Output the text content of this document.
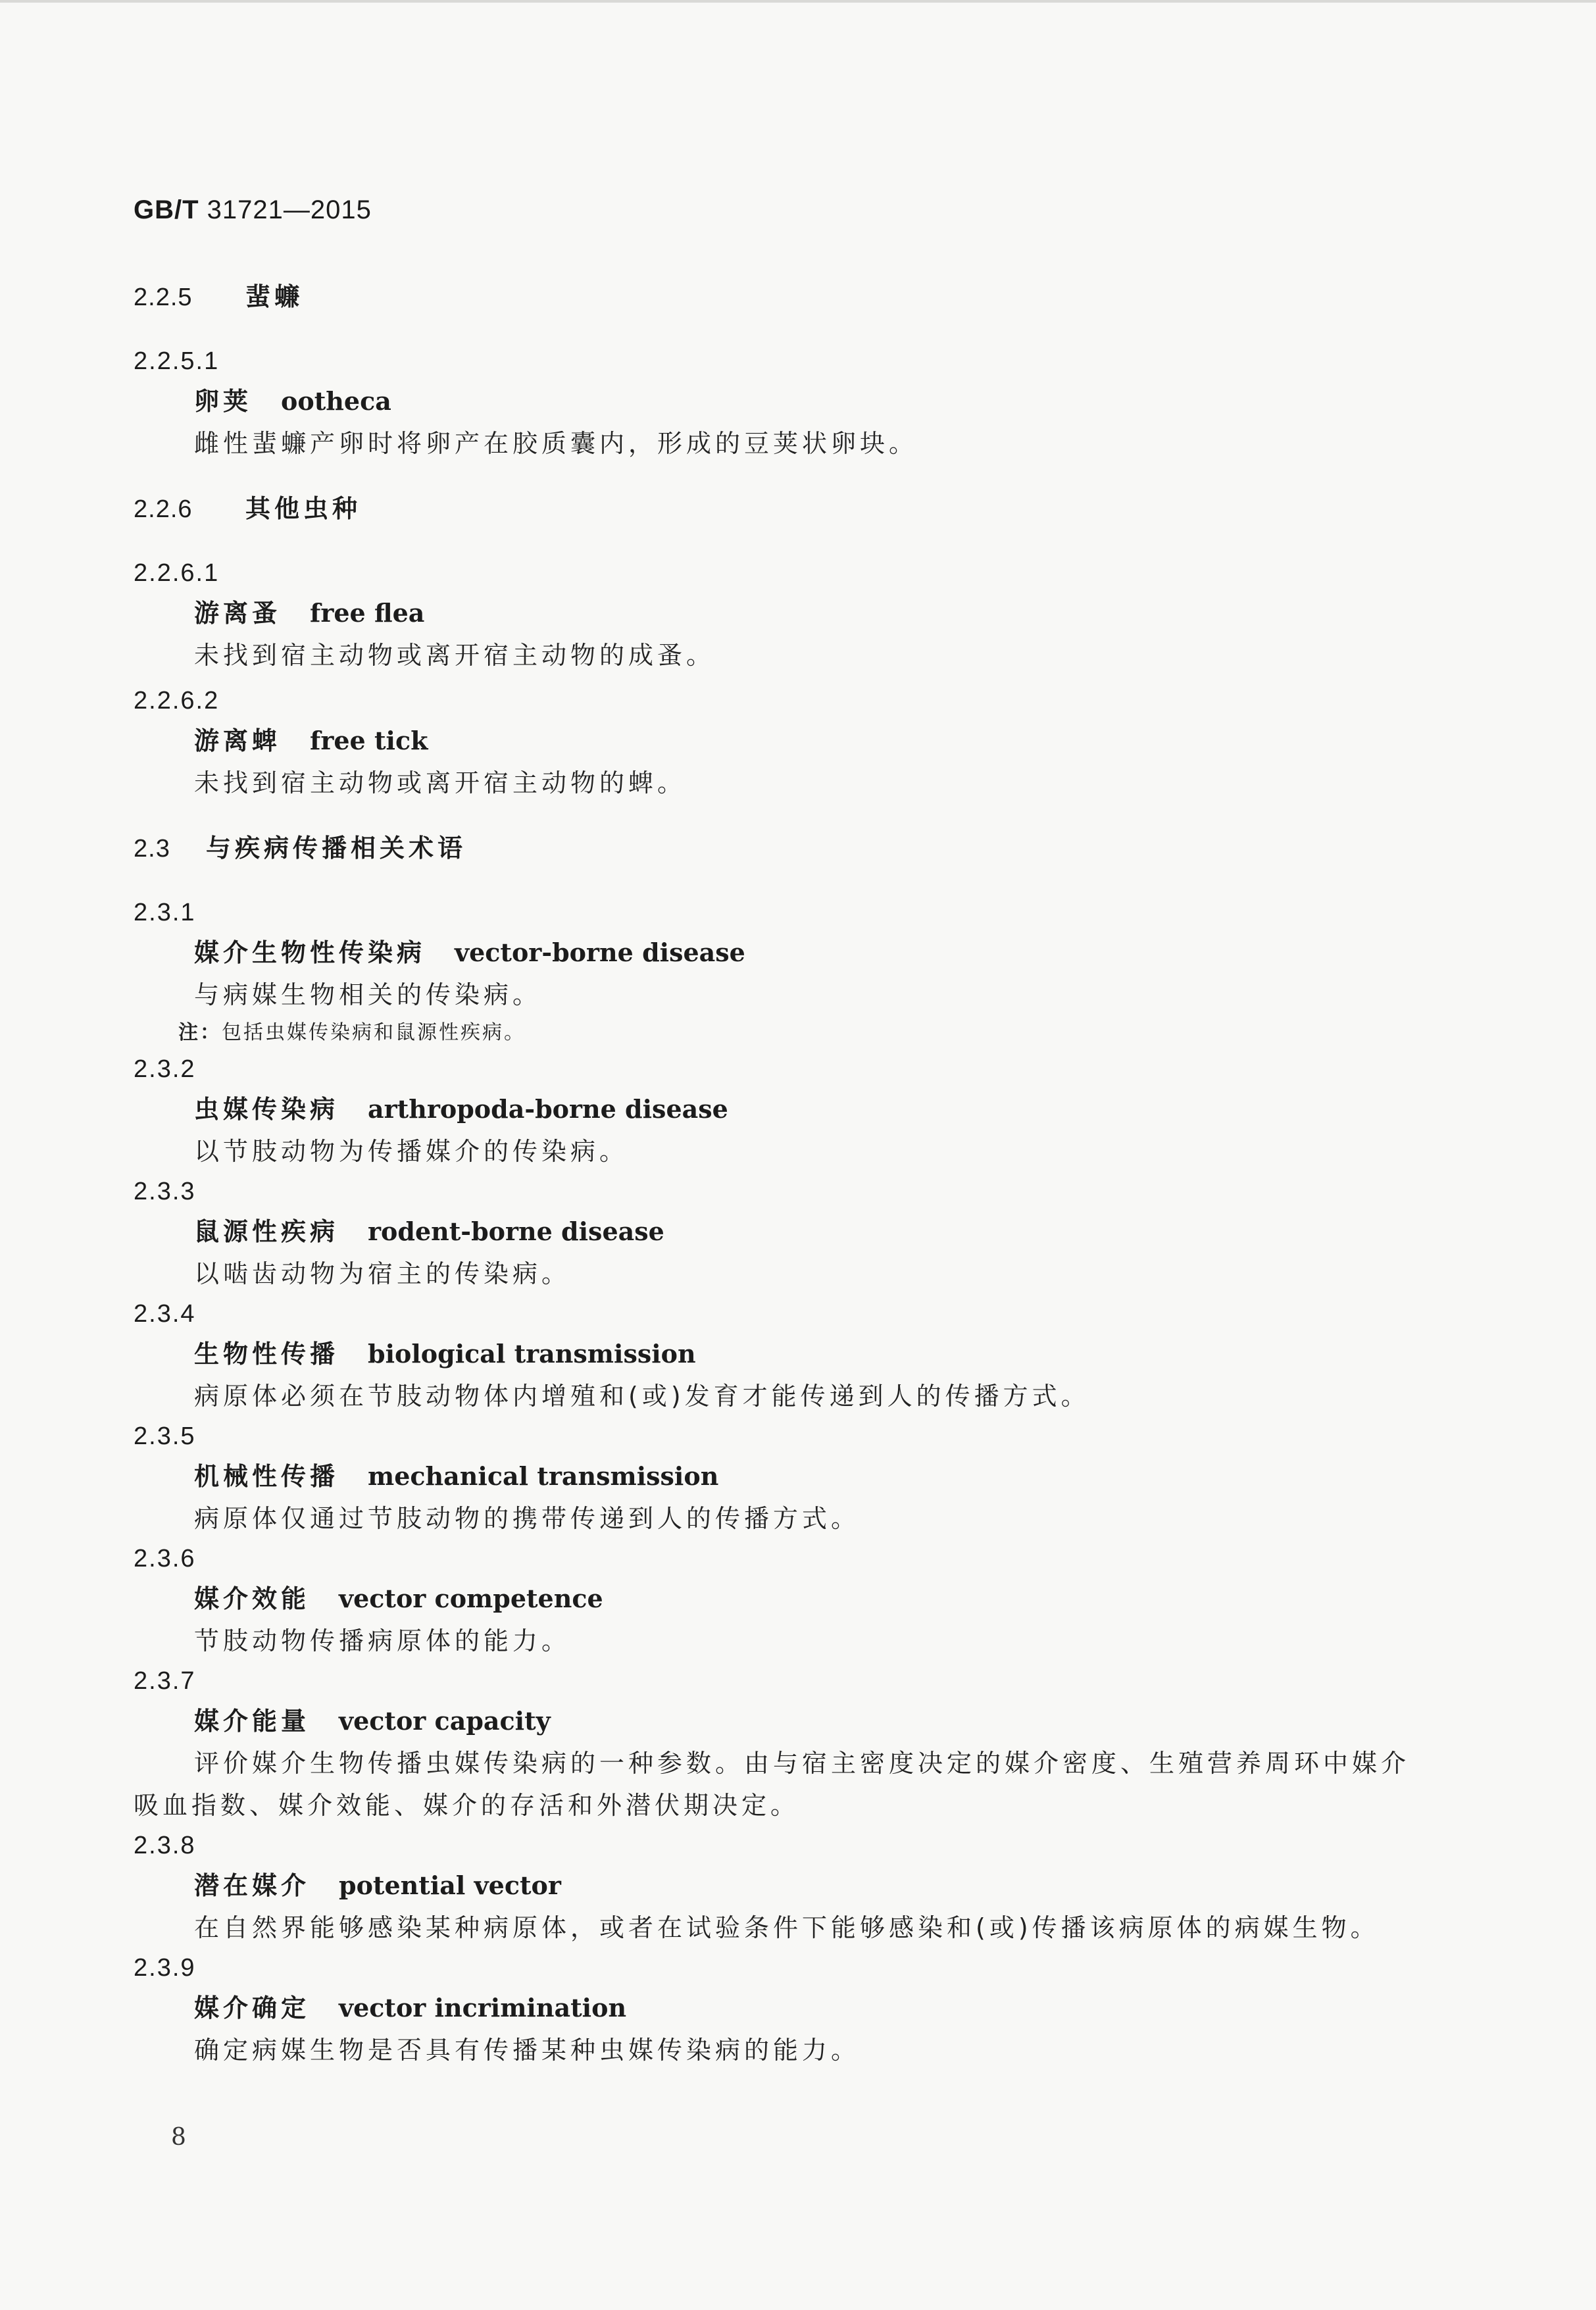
GB/T 31721—2015
2.2.5	蜚蠊
2.2.5.1
卵荚 ootheca
雌性蜚蠊产卵时将卵产在胶质囊内，形成的豆荚状卵块。
2.2.6	其他虫种
2.2.6.1
游离蚤 free flea
未找到宿主动物或离开宿主动物的成蚤。
2.2.6.2
游离蜱 free tick
未找到宿主动物或离开宿主动物的蜱。
2.3	与疾病传播相关术语
2.3.1
媒介生物性传染病 vector-borne disease
与病媒生物相关的传染病。
注：包括虫媒传染病和鼠源性疾病。
2.3.2
虫媒传染病 arthropoda-borne disease
以节肢动物为传播媒介的传染病。
2.3.3
鼠源性疾病 rodent-borne disease
以啮齿动物为宿主的传染病。
2.3.4
生物性传播 biological transmission
病原体必须在节肢动物体内增殖和(或)发育才能传递到人的传播方式。
2.3.5
机械性传播 mechanical transmission
病原体仅通过节肢动物的携带传递到人的传播方式。
2.3.6
媒介效能 vector competence
节肢动物传播病原体的能力。
2.3.7
媒介能量 vector capacity
评价媒介生物传播虫媒传染病的一种参数。由与宿主密度决定的媒介密度、生殖营养周环中媒介吸血指数、媒介效能、媒介的存活和外潜伏期决定。
2.3.8
潜在媒介 potential vector
在自然界能够感染某种病原体，或者在试验条件下能够感染和(或)传播该病原体的病媒生物。
2.3.9
媒介确定 vector incrimination
确定病媒生物是否具有传播某种虫媒传染病的能力。
8
